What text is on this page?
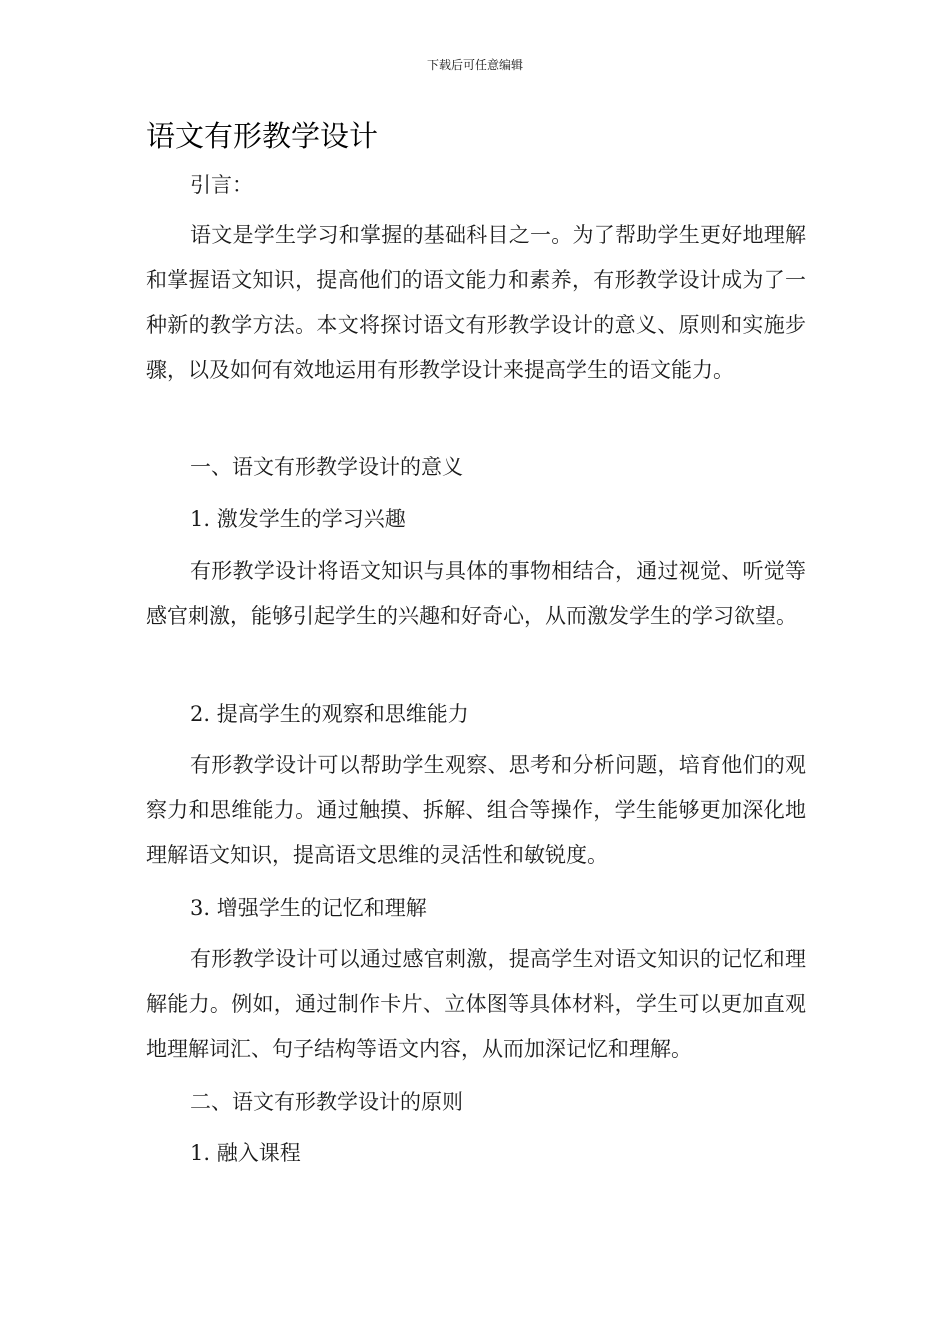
下载后可任意编辑
语文有形教学设计

引言：

语文是学生学习和掌握的基础科目之一。为了帮助学生更好地理解和掌握语文知识，提高他们的语文能力和素养，有形教学设计成为了一种新的教学方法。本文将探讨语文有形教学设计的意义、原则和实施步骤，以及如何有效地运用有形教学设计来提高学生的语文能力。

一、语文有形教学设计的意义

1. 激发学生的学习兴趣

有形教学设计将语文知识与具体的事物相结合，通过视觉、听觉等感官刺激，能够引起学生的兴趣和好奇心，从而激发学生的学习欲望。

2. 提高学生的观察和思维能力

有形教学设计可以帮助学生观察、思考和分析问题，培育他们的观察力和思维能力。通过触摸、拆解、组合等操作，学生能够更加深化地理解语文知识，提高语文思维的灵活性和敏锐度。

3. 增强学生的记忆和理解

有形教学设计可以通过感官刺激，提高学生对语文知识的记忆和理解能力。例如，通过制作卡片、立体图等具体材料，学生可以更加直观地理解词汇、句子结构等语文内容，从而加深记忆和理解。

二、语文有形教学设计的原则

1. 融入课程
